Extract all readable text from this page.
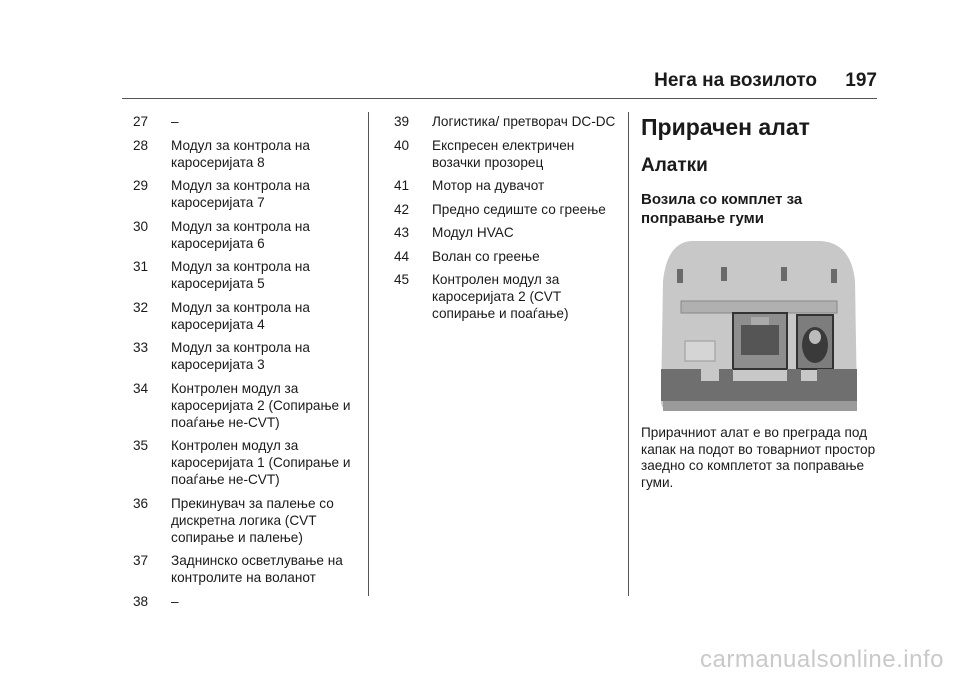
Нега на возилото 197
27	–
28	Модул за контрола на каросеријата 8
29	Модул за контрола на каросеријата 7
30	Модул за контрола на каросеријата 6
31	Модул за контрола на каросеријата 5
32	Модул за контрола на каросеријата 4
33	Модул за контрола на каросеријата 3
34	Контролен модул за каросеријата 2 (Сопирање и поаѓање не-CVT)
35	Контролен модул за каросеријата 1 (Сопирање и поаѓање не-CVT)
36	Прекинувач за палење со дискретна логика (CVT сопирање и палење)
37	Заднинско осветлување на контролите на воланот
38	–
39	Логистика/ претворач DC-DC
40	Експресен електричен возачки прозорец
41	Мотор на дувачот
42	Предно седиште со греење
43	Модул HVAC
44	Волан со греење
45	Контролен модул за каросеријата 2 (CVT сопирање и поаѓање)
Прирачен алат
Алатки
Возила со комплет за поправање гуми
Прирачниот алат е во преграда под капак на подот во товарниот простор заедно со комплетот за поправање гуми.
carmanualsonline.info
